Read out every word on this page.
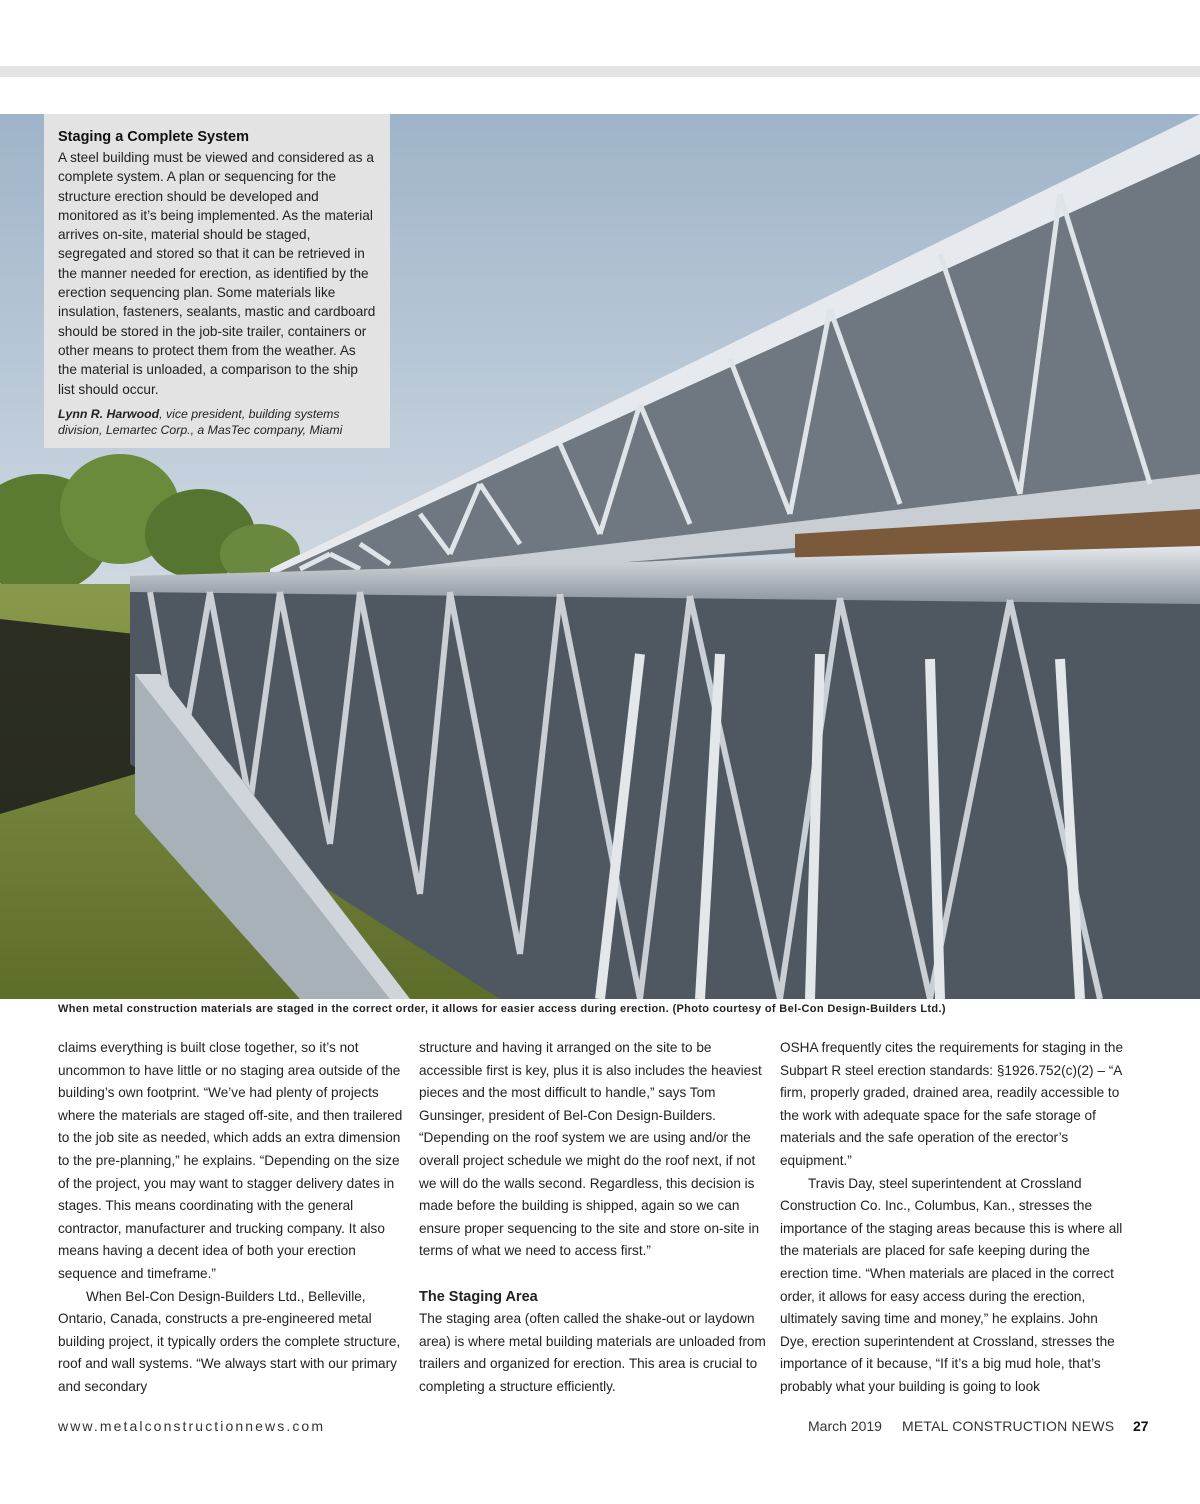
Staging a Complete System
A steel building must be viewed and considered as a complete system. A plan or sequencing for the structure erection should be developed and monitored as it’s being implemented. As the material arrives on-site, material should be staged, segregated and stored so that it can be retrieved in the manner needed for erection, as identified by the erection sequencing plan. Some materials like insulation, fasteners, sealants, mastic and cardboard should be stored in the job-site trailer, containers or other means to protect them from the weather. As the material is unloaded, a comparison to the ship list should occur.
Lynn R. Harwood, vice president, building systems division, Lemartec Corp., a MasTec company, Miami
When metal construction materials are staged in the correct order, it allows for easier access during erection. (Photo courtesy of Bel-Con Design-Builders Ltd.)

claims everything is built close together, so it’s not uncommon to have little or no staging area outside of the building’s own footprint. “We’ve had plenty of projects where the materials are staged off-site, and then trailered to the job site as needed, which adds an extra dimension to the pre-planning,” he explains. “Depending on the size of the project, you may want to stagger delivery dates in stages. This means coordinating with the general contractor, manufacturer and trucking company. It also means having a decent idea of both your erection sequence and timeframe.”

When Bel-Con Design-Builders Ltd., Belleville, Ontario, Canada, constructs a pre-engineered metal building project, it typically orders the complete structure, roof and wall systems. “We always start with our primary and secondary

structure and having it arranged on the site to be accessible first is key, plus it is also includes the heaviest pieces and the most difficult to handle,” says Tom Gunsinger, president of Bel-Con Design-Builders. “Depending on the roof system we are using and/or the overall project schedule we might do the roof next, if not we will do the walls second. Regardless, this decision is made before the building is shipped, again so we can ensure proper sequencing to the site and store on-site in terms of what we need to access first.”

The Staging Area

The staging area (often called the shake-out or laydown area) is where metal building materials are unloaded from trailers and organized for erection. This area is crucial to completing a structure efficiently.

OSHA frequently cites the requirements for staging in the Subpart R steel erection standards: §1926.752(c)(2) – “A firm, properly graded, drained area, readily accessible to the work with adequate space for the safe storage of materials and the safe operation of the erector’s equipment.”

Travis Day, steel superintendent at Crossland Construction Co. Inc., Columbus, Kan., stresses the importance of the staging areas because this is where all the materials are placed for safe keeping during the erection time. “When materials are placed in the correct order, it allows for easy access during the erection, ultimately saving time and money,” he explains. John Dye, erection superintendent at Crossland, stresses the importance of it because, “If it’s a big mud hole, that’s probably what your building is going to look

www.metalconstructionnews.com	March 2019 METAL CONSTRUCTION NEWS 27
